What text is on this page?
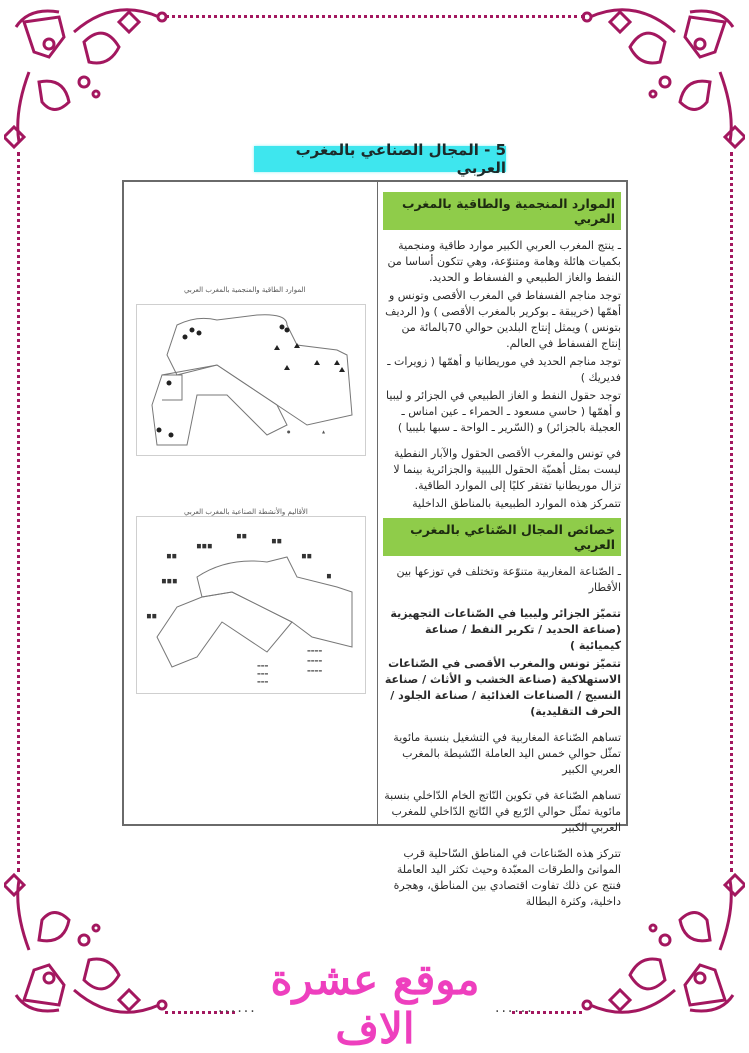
5 - المجال الصناعي بالمغرب العربي
الموارد الطاقية والمنجمية بالمغرب العربي
●	▲
الأقاليم والأنشطة الصناعية بالمغرب العربي
▆ ▆
▆ ▆ ▆
▆ ▆
▆ ▆
▆ ▆
▆
▆ ▆ ▆
▆ ▆
▬▬▬▬
▬▬▬▬
▬▬▬▬
▬▬▬
▬▬▬
▬▬▬
الموارد المنجمية والطاقية بالمغرب العربي

ـ ينتج المغرب العربي الكبير موارد طاقية ومنجمية بكميات هائلة وهامة ومتنوّعة، وهي تتكون أساسا من النفط والغاز الطبيعي و الفسفاط و الحديد.

توجد مناجم الفسفاط في المغرب الأقصى وتونس و أهمّها (خريبقة ـ بوكرير بالمغرب الأقصى ) و( الرديف بتونس ) ويمثل إنتاج البلدين حوالي 70بالمائة من إنتاج الفسفاط في العالم.

توجد مناجم الحديد في موريطانيا و أهمّها ( زويرات ـ فديريك )

توجد حقول النفط و الغاز الطبيعي في الجزائر و ليبيا و أهمّها ( حاسي مسعود ـ الحمراء ـ عين امناس ـ العجيلة بالجزائر) و (السّرير ـ الواحة ـ سبها بليبيا )

في تونس والمغرب الأقصى الحقول والآبار النفطية ليست بمثل أهميّة الحقول الليبية والجزائرية بينما لا تزال موريطانيا تفتقر كليًا إلى الموارد الطاقية.

تتمركز هذه الموارد الطبيعية بالمناطق الداخلية

خصائص المجال الصّناعي بالمغرب العربي

ـ الصّناعة المغاربية متنوّعة وتختلف في توزعها بين الأقطار

تتميّز الجزائر وليبيا في الصّناعات التجهيزية (صناعة الحديد / تكرير النفط / صناعة كيميائية )

تتميّز تونس والمغرب الأقصى في الصّناعات الاستهلاكية (صناعة الخشب و الأثاث / صناعة النسيج / الصناعات الغذائية / صناعة الجلود / الحرف التقليدية)

تساهم الصّناعة المغاربية في التشغيل بنسبة مائوية تمثّل حوالي خمس اليد العاملة النّشيطة بالمغرب العربي الكبير

تساهم الصّناعة في تكوين النّاتج الخام الدّاخلي بنسبة مائوية تمثّل حوالي الرّبع في النّاتج الدّاخلي للمغرب العربي الكبير

تتركز هذه الصّناعات في المناطق السّاحلية قرب الموانئ والطرقات المعبّدة وحيث تكثر اليد العاملة فنتج عن ذلك تفاوت اقتصادي بين المناطق، وهجرة داخلية، وكثرة البطالة

......
موقع عشرة الاف	......
